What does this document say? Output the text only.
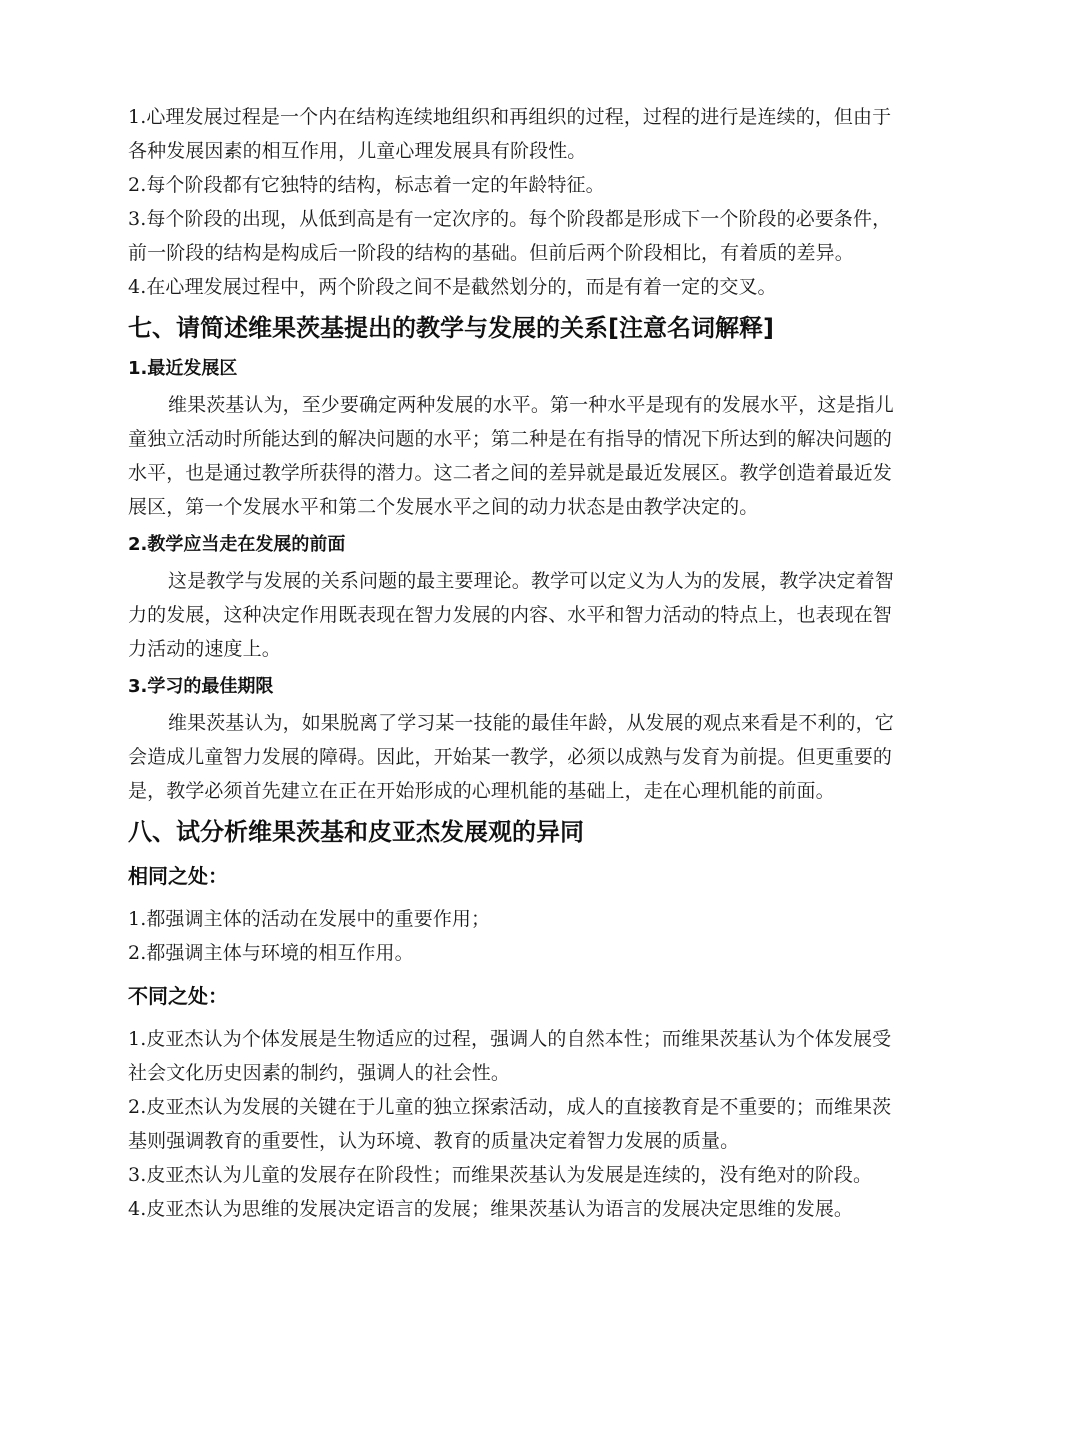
1.心理发展过程是一个内在结构连续地组织和再组织的过程，过程的进行是连续的，但由于
各种发展因素的相互作用，儿童心理发展具有阶段性。
2.每个阶段都有它独特的结构，标志着一定的年龄特征。
3.每个阶段的出现，从低到高是有一定次序的。每个阶段都是形成下一个阶段的必要条件，
前一阶段的结构是构成后一阶段的结构的基础。但前后两个阶段相比，有着质的差异。
4.在心理发展过程中，两个阶段之间不是截然划分的，而是有着一定的交叉。
七、请简述维果茨基提出的教学与发展的关系[注意名词解释]
1.最近发展区
维果茨基认为，至少要确定两种发展的水平。第一种水平是现有的发展水平，这是指儿
童独立活动时所能达到的解决问题的水平；第二种是在有指导的情况下所达到的解决问题的
水平，也是通过教学所获得的潜力。这二者之间的差异就是最近发展区。教学创造着最近发
展区，第一个发展水平和第二个发展水平之间的动力状态是由教学决定的。
2.教学应当走在发展的前面
这是教学与发展的关系问题的最主要理论。教学可以定义为人为的发展，教学决定着智
力的发展，这种决定作用既表现在智力发展的内容、水平和智力活动的特点上，也表现在智
力活动的速度上。
3.学习的最佳期限
维果茨基认为，如果脱离了学习某一技能的最佳年龄，从发展的观点来看是不利的，它
会造成儿童智力发展的障碍。因此，开始某一教学，必须以成熟与发育为前提。但更重要的
是，教学必须首先建立在正在开始形成的心理机能的基础上，走在心理机能的前面。
八、试分析维果茨基和皮亚杰发展观的异同
相同之处：
1.都强调主体的活动在发展中的重要作用；
2.都强调主体与环境的相互作用。
不同之处：
1.皮亚杰认为个体发展是生物适应的过程，强调人的自然本性；而维果茨基认为个体发展受
社会文化历史因素的制约，强调人的社会性。
2.皮亚杰认为发展的关键在于儿童的独立探索活动，成人的直接教育是不重要的；而维果茨
基则强调教育的重要性，认为环境、教育的质量决定着智力发展的质量。
3.皮亚杰认为儿童的发展存在阶段性；而维果茨基认为发展是连续的，没有绝对的阶段。
4.皮亚杰认为思维的发展决定语言的发展；维果茨基认为语言的发展决定思维的发展。
